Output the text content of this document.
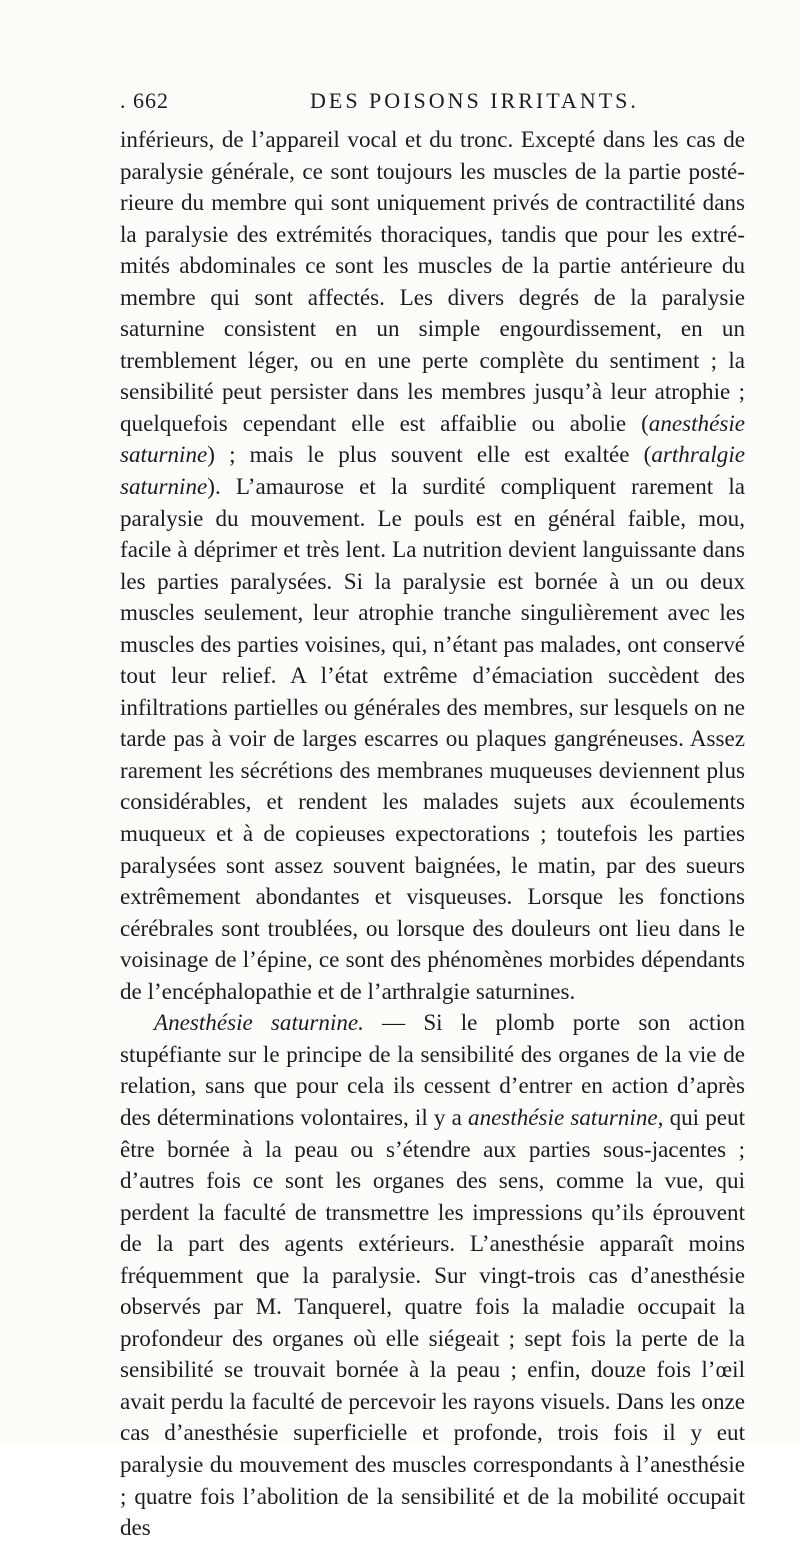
. 662	DES POISONS IRRITANTS.

inférieurs, de l’appareil vocal et du tronc. Excepté dans les cas de paralysie générale, ce sont toujours les muscles de la partie postérieure du membre qui sont uniquement privés de contractilité dans la paralysie des extrémités thoraciques, tandis que pour les extrémités abdominales ce sont les muscles de la partie antérieure du membre qui sont affectés. Les divers degrés de la paralysie saturnine consistent en un simple engourdissement, en un tremblement léger, ou en une perte complète du sentiment ; la sensibilité peut persister dans les membres jusqu’à leur atrophie ; quelquefois cependant elle est affaiblie ou abolie (anesthésie saturnine) ; mais le plus souvent elle est exaltée (arthralgie saturnine). L’amaurose et la surdité compliquent rarement la paralysie du mouvement. Le pouls est en général faible, mou, facile à déprimer et très lent. La nutrition devient languissante dans les parties paralysées. Si la paralysie est bornée à un ou deux muscles seulement, leur atrophie tranche singulièrement avec les muscles des parties voisines, qui, n’étant pas malades, ont conservé tout leur relief. A l’état extrême d’émaciation succèdent des infiltrations partielles ou générales des membres, sur lesquels on ne tarde pas à voir de larges escarres ou plaques gangréneuses. Assez rarement les sécrétions des membranes muqueuses deviennent plus considérables, et rendent les malades sujets aux écoulements muqueux et à de copieuses expectorations ; toutefois les parties paralysées sont assez souvent baignées, le matin, par des sueurs extrêmement abondantes et visqueuses. Lorsque les fonctions cérébrales sont troublées, ou lorsque des douleurs ont lieu dans le voisinage de l’épine, ce sont des phénomènes morbides dépendants de l’encéphalopathie et de l’arthralgie saturnines.

Anesthésie saturnine. — Si le plomb porte son action stupéfiante sur le principe de la sensibilité des organes de la vie de relation, sans que pour cela ils cessent d’entrer en action d’après des déterminations volontaires, il y a anesthésie saturnine, qui peut être bornée à la peau ou s’étendre aux parties sous-jacentes ; d’autres fois ce sont les organes des sens, comme la vue, qui perdent la faculté de transmettre les impressions qu’ils éprouvent de la part des agents extérieurs. L’anesthésie apparaît moins fréquemment que la paralysie. Sur vingt-trois cas d’anesthésie observés par M. Tanquerel, quatre fois la maladie occupait la profondeur des organes où elle siégeait ; sept fois la perte de la sensibilité se trouvait bornée à la peau ; enfin, douze fois l’œil avait perdu la faculté de percevoir les rayons visuels. Dans les onze cas d’anesthésie superficielle et profonde, trois fois il y eut paralysie du mouvement des muscles correspondants à l’anesthésie ; quatre fois l’abolition de la sensibilité et de la mobilité occupait des
